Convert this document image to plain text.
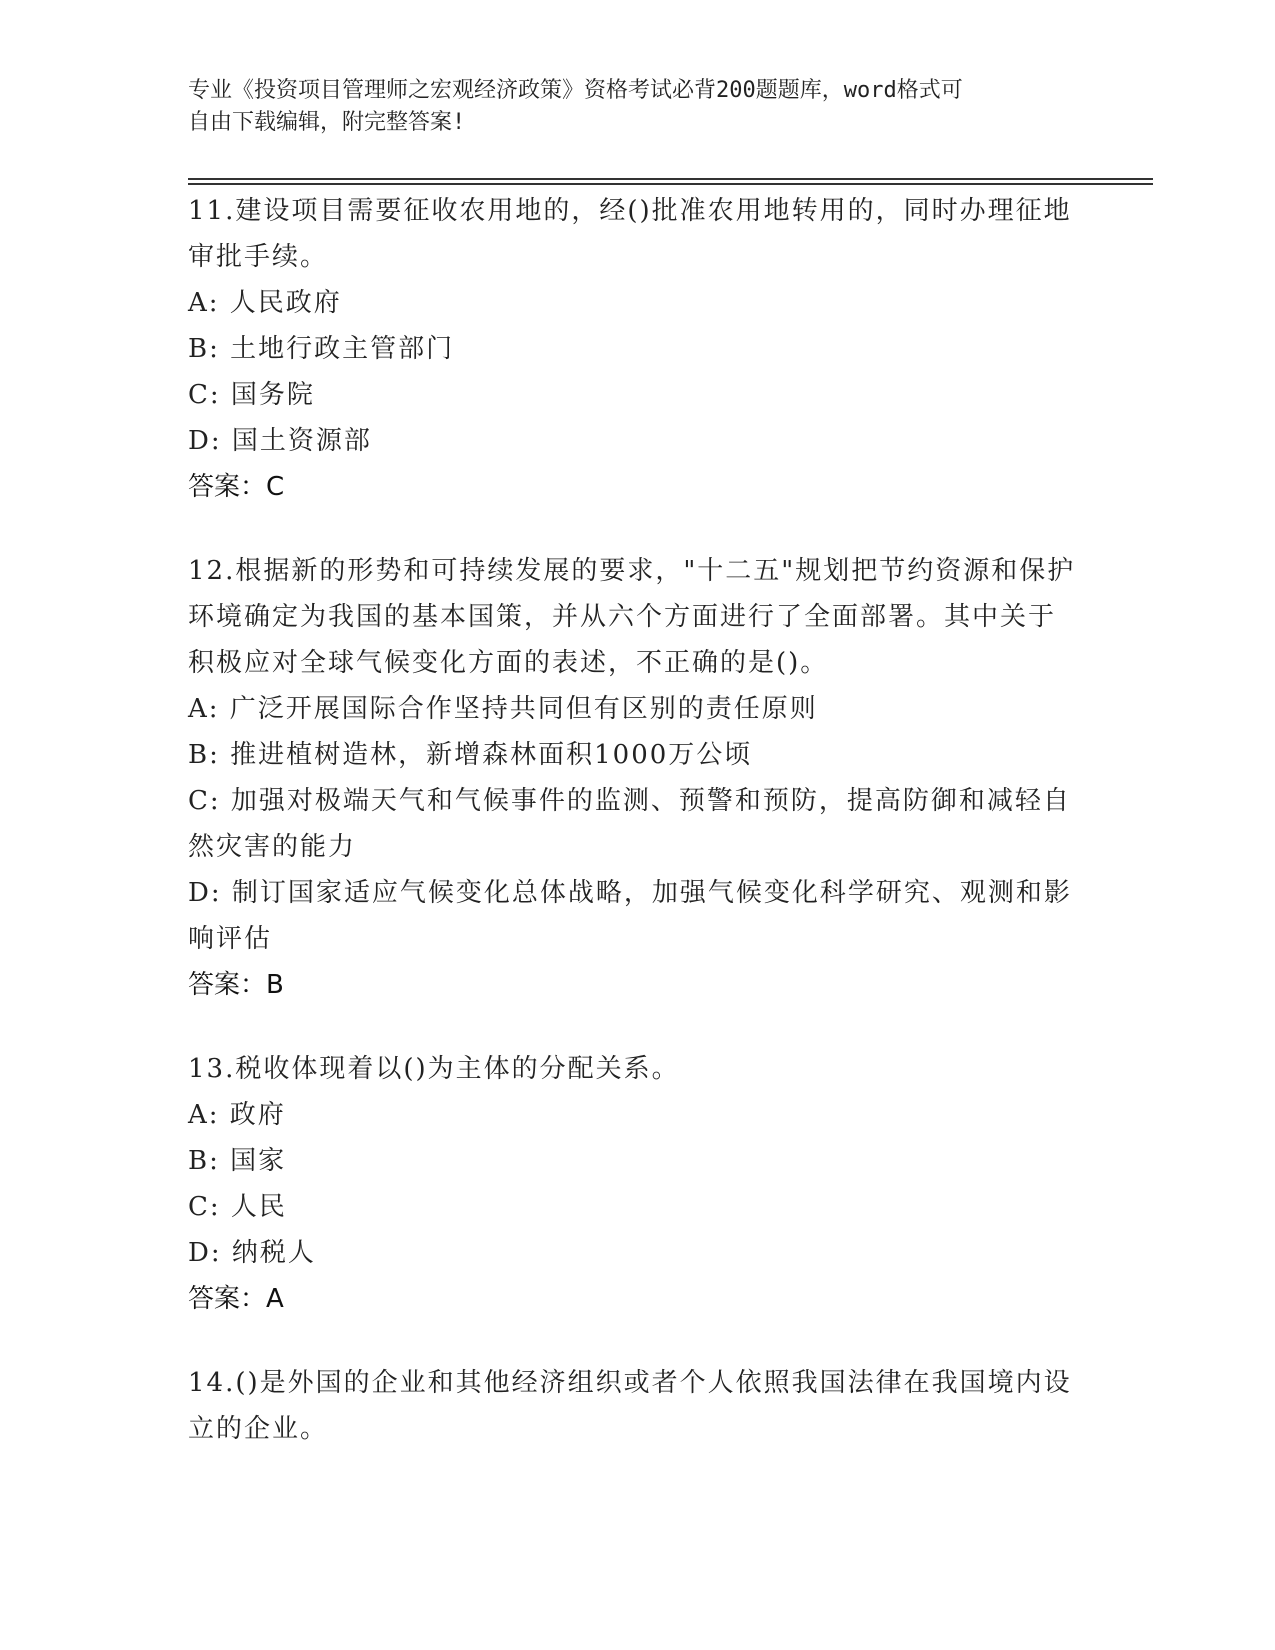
专业《投资项目管理师之宏观经济政策》资格考试必背200题题库，word格式可
自由下载编辑，附完整答案!

11.建设项目需要征收农用地的，经()批准农用地转用的，同时办理征地审批手续。

A: 人民政府
B: 土地行政主管部门
C: 国务院
D: 国土资源部

答案：C

12.根据新的形势和可持续发展的要求，"十二五"规划把节约资源和保护环境确定为我国的基本国策，并从六个方面进行了全面部署。其中关于积极应对全球气候变化方面的表述，不正确的是()。

A: 广泛开展国际合作坚持共同但有区别的责任原则
B: 推进植树造林，新增森林面积1000万公顷
C: 加强对极端天气和气候事件的监测、预警和预防，提高防御和减轻自然灾害的能力
D: 制订国家适应气候变化总体战略，加强气候变化科学研究、观测和影响评估

答案：B

13.税收体现着以()为主体的分配关系。

A: 政府
B: 国家
C: 人民
D: 纳税人

答案：A

14.()是外国的企业和其他经济组织或者个人依照我国法律在我国境内设立的企业。
